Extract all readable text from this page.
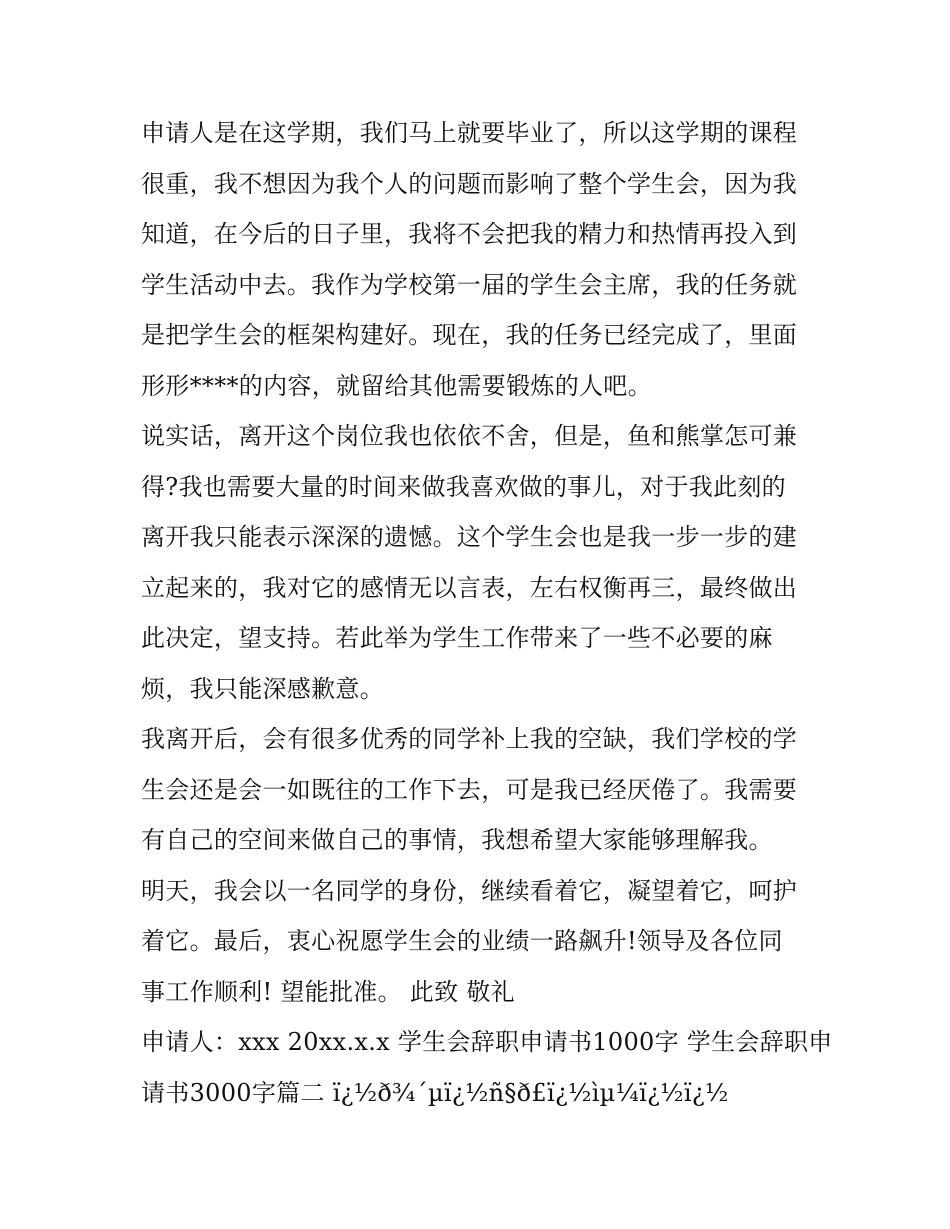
申请人是在这学期，我们马上就要毕业了，所以这学期的课程
很重，我不想因为我个人的问题而影响了整个学生会，因为我
知道，在今后的日子里，我将不会把我的精力和热情再投入到
学生活动中去。我作为学校第一届的学生会主席，我的任务就
是把学生会的框架构建好。现在，我的任务已经完成了，里面
形形****的内容，就留给其他需要锻炼的人吧。

说实话，离开这个岗位我也依依不舍，但是，鱼和熊掌怎可兼
得?我也需要大量的时间来做我喜欢做的事儿，对于我此刻的
离开我只能表示深深的遗憾。这个学生会也是我一步一步的建
立起来的，我对它的感情无以言表，左右权衡再三，最终做出
此决定，望支持。若此举为学生工作带来了一些不必要的麻
烦，我只能深感歉意。

我离开后，会有很多优秀的同学补上我的空缺，我们学校的学
生会还是会一如既往的工作下去，可是我已经厌倦了。我需要
有自己的空间来做自己的事情，我想希望大家能够理解我。

明天，我会以一名同学的身份，继续看着它，凝望着它，呵护
着它。最后，衷心祝愿学生会的业绩一路飙升!领导及各位同
事工作顺利! 望能批准。 此致 敬礼

申请人：xxx 20xx.x.x 学生会辞职申请书1000字 学生会辞职申
请书3000字篇二 ï¿½ð¾´µï¿½ñ§ð£ï¿½ìµ¼ï¿½ï¿½
